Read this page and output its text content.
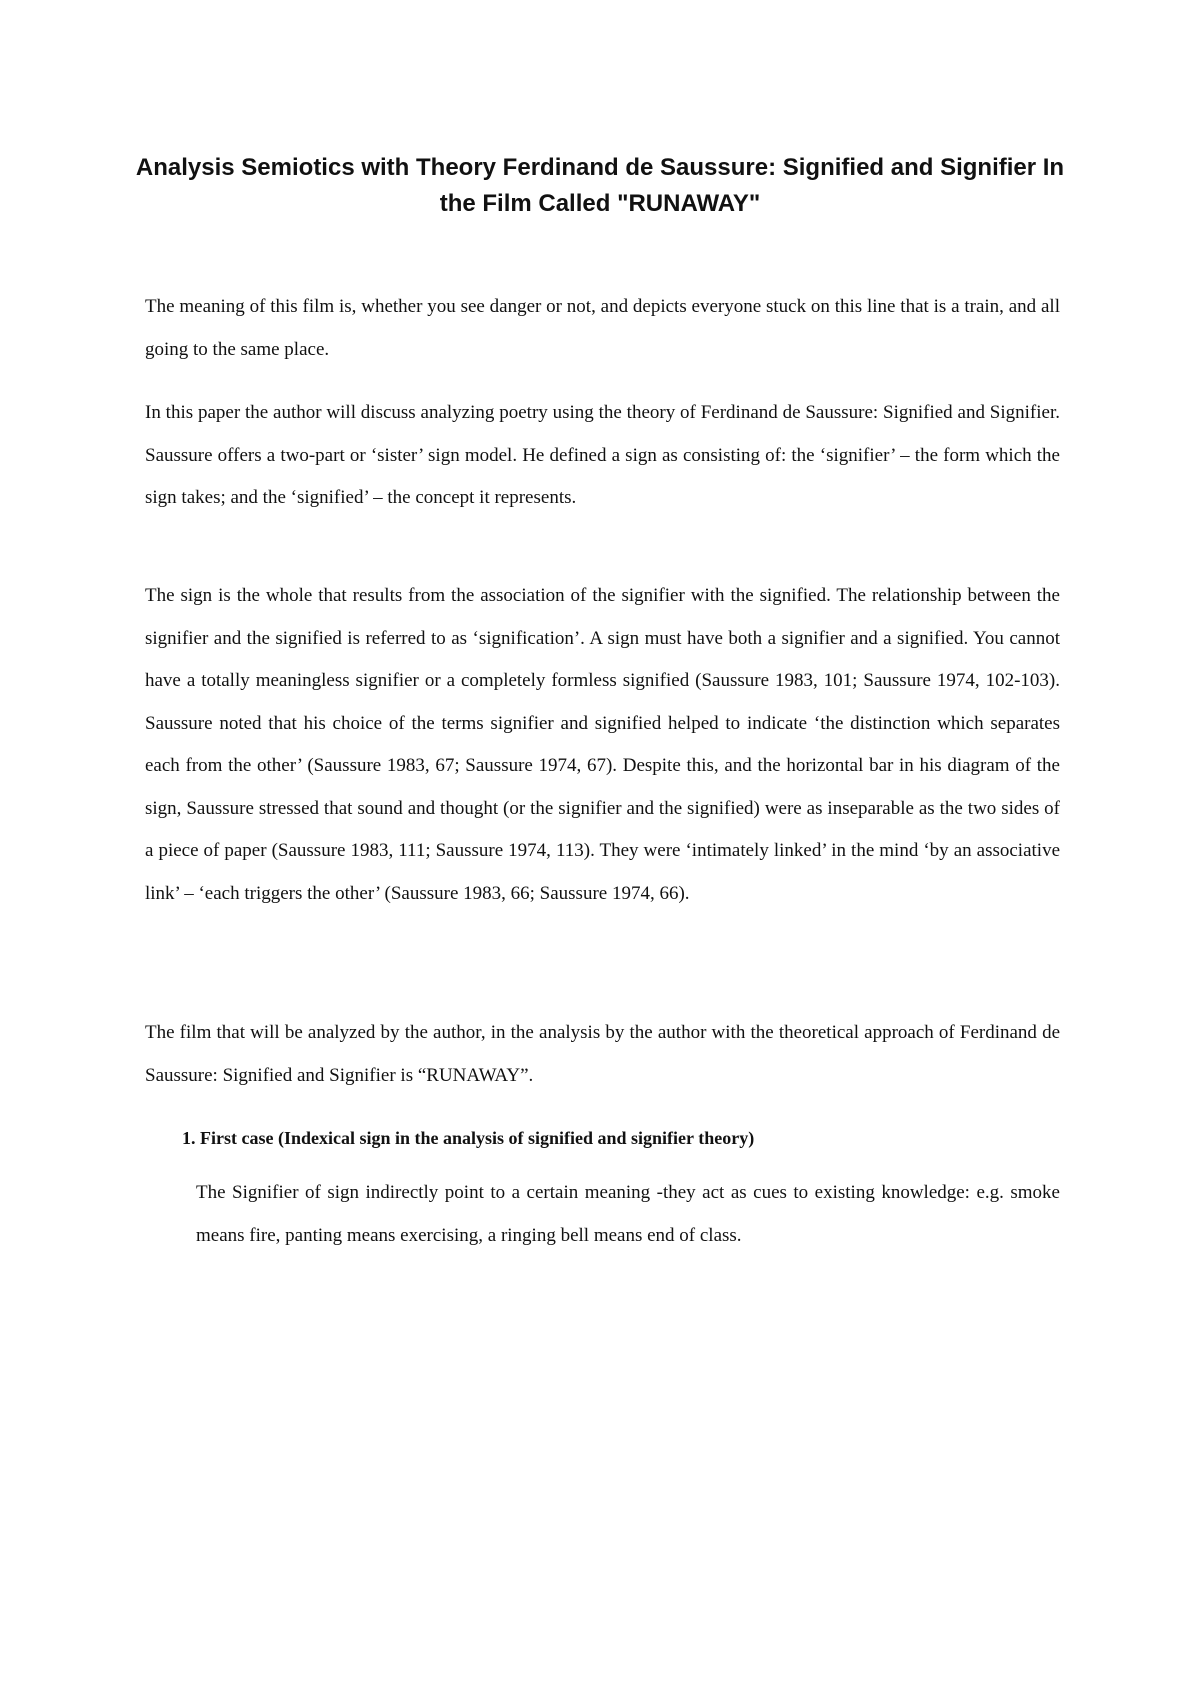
Analysis Semiotics with Theory Ferdinand de Saussure: Signified and Signifier In the Film Called "RUNAWAY"

The meaning of this film is, whether you see danger or not, and depicts everyone stuck on this line that is a train, and all going to the same place.

In this paper the author will discuss analyzing poetry using the theory of Ferdinand de Saussure: Signified and Signifier. Saussure offers a two-part or ‘sister’ sign model. He defined a sign as consisting of: the ‘signifier’ – the form which the sign takes; and the ‘signified’ – the concept it represents.

The sign is the whole that results from the association of the signifier with the signified. The relationship between the signifier and the signified is referred to as ‘signification’. A sign must have both a signifier and a signified. You cannot have a totally meaningless signifier or a completely formless signified (Saussure 1983, 101; Saussure 1974, 102-103). Saussure noted that his choice of the terms signifier and signified helped to indicate ‘the distinction which separates each from the other’ (Saussure 1983, 67; Saussure 1974, 67). Despite this, and the horizontal bar in his diagram of the sign, Saussure stressed that sound and thought (or the signifier and the signified) were as inseparable as the two sides of a piece of paper (Saussure 1983, 111; Saussure 1974, 113). They were ‘intimately linked’ in the mind ‘by an associative link’ – ‘each triggers the other’ (Saussure 1983, 66; Saussure 1974, 66).

The film that will be analyzed by the author, in the analysis by the author with the theoretical approach of Ferdinand de Saussure: Signified and Signifier is “RUNAWAY”.

1. First case (Indexical sign in the analysis of signified and signifier theory)

The Signifier of sign indirectly point to a certain meaning -they act as cues to existing knowledge: e.g. smoke means fire, panting means exercising, a ringing bell means end of class.
